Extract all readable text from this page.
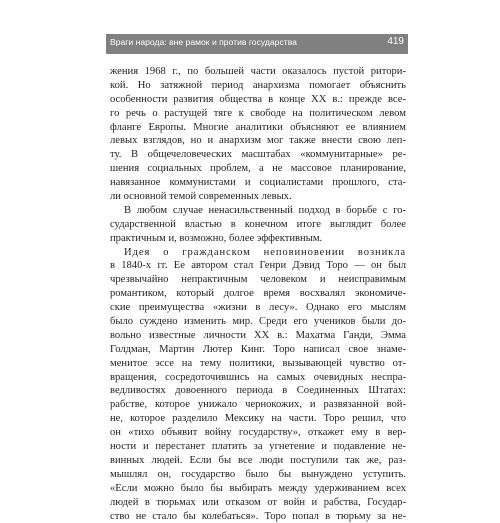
Враги народа: вне рамок и против государства	419
жения 1968 г., по большей части оказалось пустой ритори-
кой. Но затяжной период анархизма помогает объяснить
особенности развития общества в конце XX в.: прежде все-
го речь о растущей тяге к свободе на политическом левом
фланге Европы. Многие аналитики объясняют ее влиянием
левых взглядов, но и анархизм мог также внести свою леп-
ту. В общечеловеческих масштабах «коммунитарные» ре-
шения социальных проблем, а не массовое планирование,
навязанное коммунистами и социалистами прошлого, ста-
ли основной темой современных левых.
В любом случае ненасильственный подход в борьбе с го-
сударственной властью в конечном итоге выглядит более
практичным и, возможно, более эффективным.
Идея о гражданском неповиновении возникла
в 1840-х гг. Ее автором стал Генри Дэвид Торо — он был
чрезвычайно непрактичным человеком и неисправимым
романтиком, который долгое время восхвалял экономиче-
ские преимущества «жизни в лесу». Однако его мыслям
было суждено изменить мир. Среди его учеников были до-
вольно известные личности XX в.: Махатма Ганди, Эмма
Голдман, Мартин Лютер Кинг. Торо написал свое знаме-
менитое эссе на тему политики, вызывающей чувство от-
вращения, сосредоточившись на самых очевидных неспра-
ведливостях довоенного периода в Соединенных Штатах:
рабстве, которое унижало чернокожих, и развязанной вой-
не, которое разделило Мексику на части. Торо решил, что
он «тихо объявит войну государству», откажет ему в вер-
ности и перестанет платить за угнетение и подавление не-
винных людей. Если бы все люди поступили так же, раз-
мышлял он, государство было бы вынуждено уступить.
«Если можно было бы выбирать между удерживанием всех
людей в тюрьмах или отказом от войн и рабства, Государ-
ство не стало бы колебаться». Торо попал в тюрьму за не-
